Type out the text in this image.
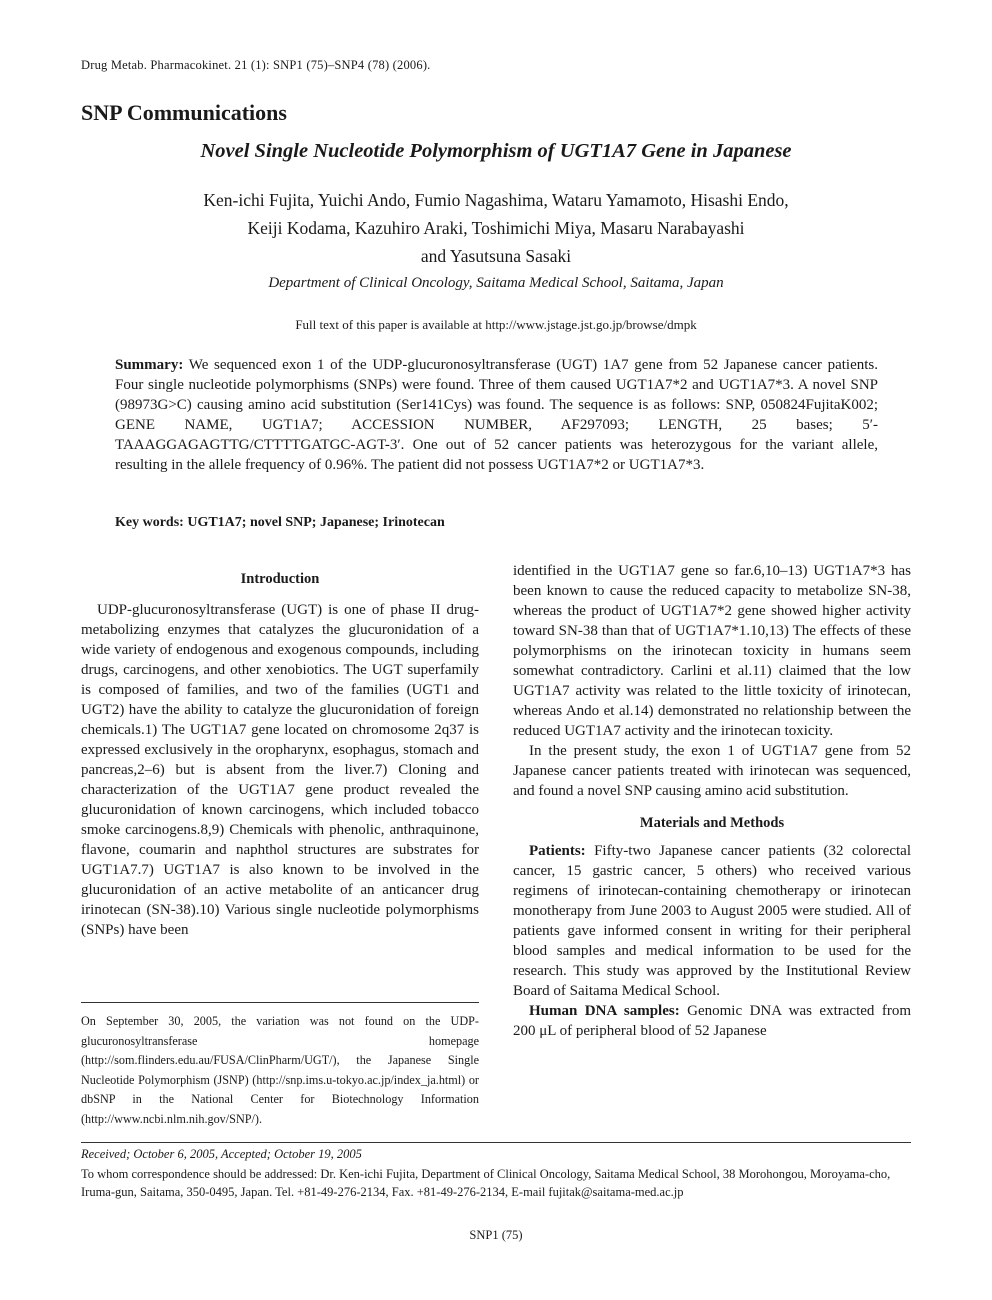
Drug Metab. Pharmacokinet. 21 (1): SNP1 (75)–SNP4 (78) (2006).
SNP Communications
Novel Single Nucleotide Polymorphism of UGT1A7 Gene in Japanese
Ken-ichi Fujita, Yuichi Ando, Fumio Nagashima, Wataru Yamamoto, Hisashi Endo,
Keiji Kodama, Kazuhiro Araki, Toshimichi Miya, Masaru Narabayashi
and Yasutsuna Sasaki
Department of Clinical Oncology, Saitama Medical School, Saitama, Japan
Full text of this paper is available at http://www.jstage.jst.go.jp/browse/dmpk
Summary: We sequenced exon 1 of the UDP-glucuronosyltransferase (UGT) 1A7 gene from 52 Japanese cancer patients. Four single nucleotide polymorphisms (SNPs) were found. Three of them caused UGT1A7*2 and UGT1A7*3. A novel SNP (98973G>C) causing amino acid substitution (Ser141Cys) was found. The sequence is as follows: SNP, 050824FujitaK002; GENE NAME, UGT1A7; ACCESSION NUMBER, AF297093; LENGTH, 25 bases; 5′-TAAAGGAGAGTTG/CTTTTGATGC-AGT-3′. One out of 52 cancer patients was heterozygous for the variant allele, resulting in the allele frequency of 0.96%. The patient did not possess UGT1A7*2 or UGT1A7*3.
Key words: UGT1A7; novel SNP; Japanese; Irinotecan
Introduction

UDP-glucuronosyltransferase (UGT) is one of phase II drug-metabolizing enzymes that catalyzes the glucuronidation of a wide variety of endogenous and exogenous compounds, including drugs, carcinogens, and other xenobiotics. The UGT superfamily is composed of families, and two of the families (UGT1 and UGT2) have the ability to catalyze the glucuronidation of foreign chemicals.1) The UGT1A7 gene located on chromosome 2q37 is expressed exclusively in the oropharynx, esophagus, stomach and pancreas,2–6) but is absent from the liver.7) Cloning and characterization of the UGT1A7 gene product revealed the glucuronidation of known carcinogens, which included tobacco smoke carcinogens.8,9) Chemicals with phenolic, anthraquinone, flavone, coumarin and naphthol structures are substrates for UGT1A7.7) UGT1A7 is also known to be involved in the glucuronidation of an active metabolite of an anticancer drug irinotecan (SN-38).10) Various single nucleotide polymorphisms (SNPs) have been

identified in the UGT1A7 gene so far.6,10–13) UGT1A7*3 has been known to cause the reduced capacity to metabolize SN-38, whereas the product of UGT1A7*2 gene showed higher activity toward SN-38 than that of UGT1A7*1.10,13) The effects of these polymorphisms on the irinotecan toxicity in humans seem somewhat contradictory. Carlini et al.11) claimed that the low UGT1A7 activity was related to the little toxicity of irinotecan, whereas Ando et al.14) demonstrated no relationship between the reduced UGT1A7 activity and the irinotecan toxicity.

In the present study, the exon 1 of UGT1A7 gene from 52 Japanese cancer patients treated with irinotecan was sequenced, and found a novel SNP causing amino acid substitution.

Materials and Methods

Patients: Fifty-two Japanese cancer patients (32 colorectal cancer, 15 gastric cancer, 5 others) who received various regimens of irinotecan-containing chemotherapy or irinotecan monotherapy from June 2003 to August 2005 were studied. All of patients gave informed consent in writing for their peripheral blood samples and medical information to be used for the research. This study was approved by the Institutional Review Board of Saitama Medical School.

Human DNA samples: Genomic DNA was extracted from 200 μL of peripheral blood of 52 Japanese

On September 30, 2005, the variation was not found on the UDP-glucuronosyltransferase homepage (http://som.flinders.edu.au/FUSA/ClinPharm/UGT/), the Japanese Single Nucleotide Polymorphism (JSNP) (http://snp.ims.u-tokyo.ac.jp/index_ja.html) or dbSNP in the National Center for Biotechnology Information (http://www.ncbi.nlm.nih.gov/SNP/).
Received; October 6, 2005, Accepted; October 19, 2005
To whom correspondence should be addressed: Dr. Ken-ichi Fujita, Department of Clinical Oncology, Saitama Medical School, 38 Morohongou, Moroyama-cho, Iruma-gun, Saitama, 350-0495, Japan. Tel. +81-49-276-2134, Fax. +81-49-276-2134, E-mail fujitak@saitama-med.ac.jp
SNP1 (75)
